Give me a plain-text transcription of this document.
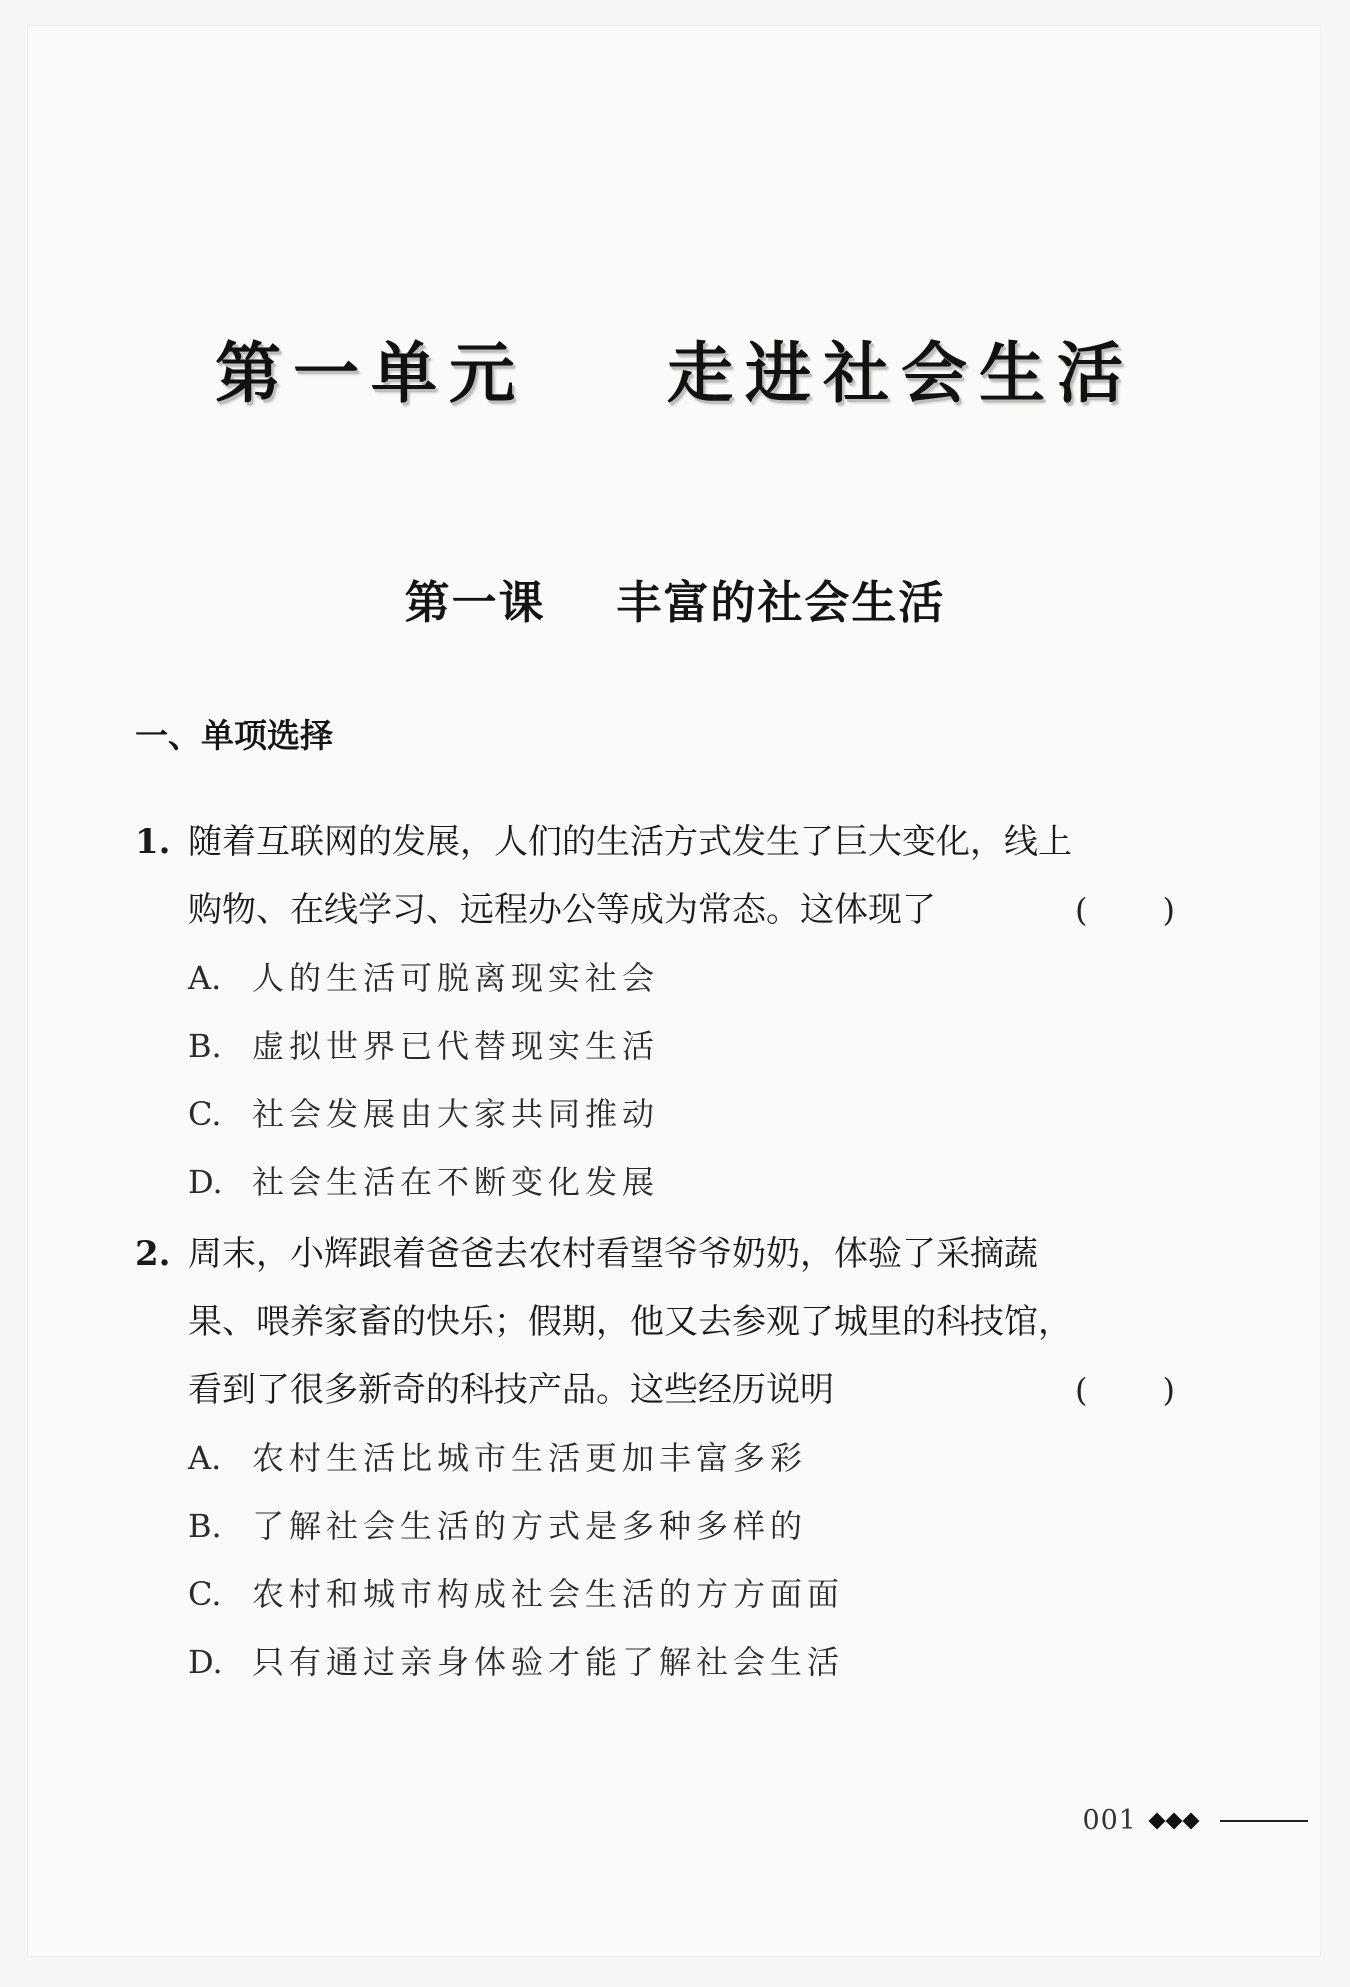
第一单元    走进社会生活
第一课    丰富的社会生活
一、单项选择
1. 随着互联网的发展，人们的生活方式发生了巨大变化，线上
购物、在线学习、远程办公等成为常态。这体现了	( )
A. 人的生活可脱离现实社会
B. 虚拟世界已代替现实生活
C. 社会发展由大家共同推动
D. 社会生活在不断变化发展
2. 周末，小辉跟着爸爸去农村看望爷爷奶奶，体验了采摘蔬
果、喂养家畜的快乐；假期，他又去参观了城里的科技馆，
看到了很多新奇的科技产品。这些经历说明	( )
A. 农村生活比城市生活更加丰富多彩
B. 了解社会生活的方式是多种多样的
C. 农村和城市构成社会生活的方方面面
D. 只有通过亲身体验才能了解社会生活
001
